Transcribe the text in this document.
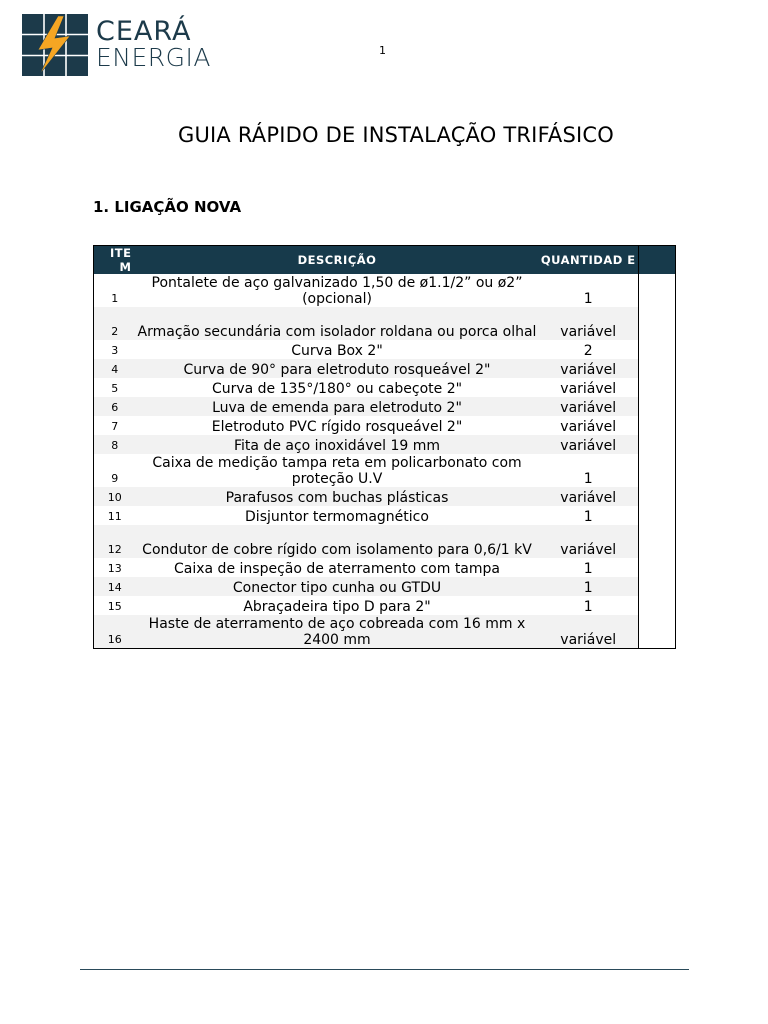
CEARÁ
ENERGIA	1
GUIA RÁPIDO DE INSTALAÇÃO TRIFÁSICO
1. LIGAÇÃO NOVA
ITE M	DESCRIÇÃO	QUANTIDAD E	
1	Pontalete de aço galvanizado 1,50 de ø1.1/2” ou ø2” (opcional)	1	
2	Armação secundária com isolador roldana ou porca olhal	variável	
3	Curva Box 2"	2	
4	Curva de 90° para eletroduto rosqueável 2"	variável	
5	Curva de 135°/180° ou cabeçote 2"	variável	
6	Luva de emenda para eletroduto 2"	variável	
7	Eletroduto PVC rígido rosqueável 2"	variável	
8	Fita de aço inoxidável 19 mm	variável	
9	Caixa de medição tampa reta em policarbonato com proteção U.V	1	
10	Parafusos com buchas plásticas	variável	
11	Disjuntor termomagnético	1	
12	Condutor de cobre rígido com isolamento para 0,6/1 kV	variável	
13	Caixa de inspeção de aterramento com tampa	1	
14	Conector tipo cunha ou GTDU	1	
15	Abraçadeira tipo D para 2"	1	
16	Haste de aterramento de aço cobreada com 16 mm x 2400 mm	variável	
